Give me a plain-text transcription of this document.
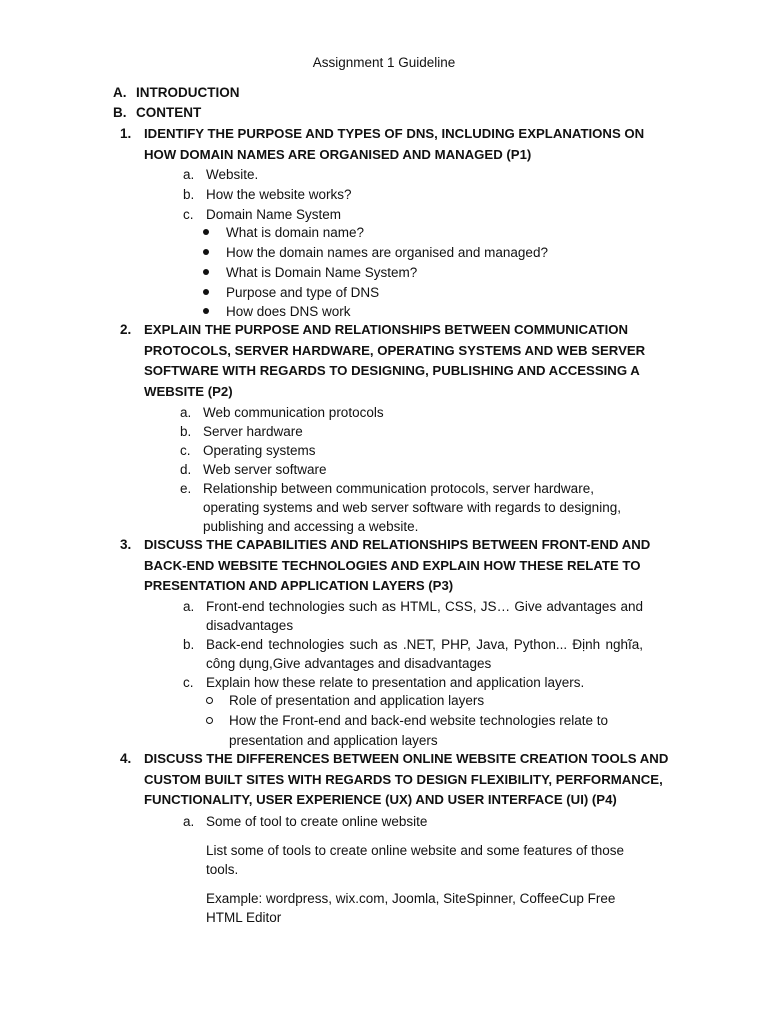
Assignment 1 Guideline
A. INTRODUCTION
B. CONTENT
1. IDENTIFY THE PURPOSE AND TYPES OF DNS, INCLUDING EXPLANATIONS ON HOW DOMAIN NAMES ARE ORGANISED AND MANAGED (P1)
a. Website.
b. How the website works?
c. Domain Name System
What is domain name?
How the domain names are organised and managed?
What is Domain Name System?
Purpose and type of DNS
How does DNS work
2. EXPLAIN THE PURPOSE AND RELATIONSHIPS BETWEEN COMMUNICATION PROTOCOLS, SERVER HARDWARE, OPERATING SYSTEMS AND WEB SERVER SOFTWARE WITH REGARDS TO DESIGNING, PUBLISHING AND ACCESSING A WEBSITE (P2)
a. Web communication protocols
b. Server hardware
c. Operating systems
d. Web server software
e. Relationship between communication protocols, server hardware, operating systems and web server software with regards to designing, publishing and accessing a website.
3. DISCUSS THE CAPABILITIES AND RELATIONSHIPS BETWEEN FRONT-END AND BACK-END WEBSITE TECHNOLOGIES AND EXPLAIN HOW THESE RELATE TO PRESENTATION AND APPLICATION LAYERS (P3)
a. Front-end technologies such as HTML, CSS, JS… Give advantages and disadvantages
b. Back-end technologies such as .NET, PHP, Java, Python... Định nghĩa, công dụng,Give advantages and disadvantages
c. Explain how these relate to presentation and application layers.
Role of presentation and application layers
How the Front-end and back-end website technologies relate to presentation and application layers
4. DISCUSS THE DIFFERENCES BETWEEN ONLINE WEBSITE CREATION TOOLS AND CUSTOM BUILT SITES WITH REGARDS TO DESIGN FLEXIBILITY, PERFORMANCE, FUNCTIONALITY, USER EXPERIENCE (UX) AND USER INTERFACE (UI) (P4)
a. Some of tool to create online website
List some of tools to create online website and some features of those tools.
Example: wordpress, wix.com, Joomla, SiteSpinner, CoffeeCup Free HTML Editor
